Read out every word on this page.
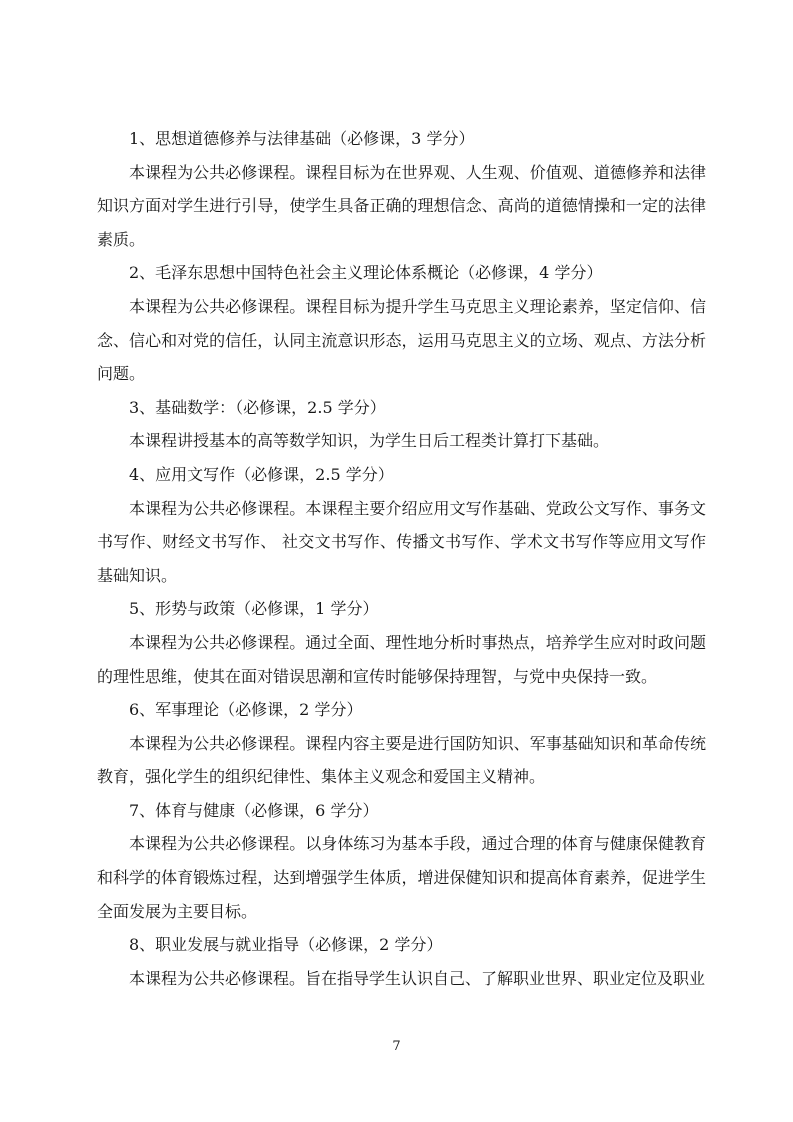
1、思想道德修养与法律基础（必修课，3 学分）

本课程为公共必修课程。课程目标为在世界观、人生观、价值观、道德修养和法律知识方面对学生进行引导，使学生具备正确的理想信念、高尚的道德情操和一定的法律素质。

2、毛泽东思想中国特色社会主义理论体系概论（必修课，4 学分）

本课程为公共必修课程。课程目标为提升学生马克思主义理论素养，坚定信仰、信念、信心和对党的信任，认同主流意识形态，运用马克思主义的立场、观点、方法分析问题。

3、基础数学：（必修课，2.5 学分）

本课程讲授基本的高等数学知识，为学生日后工程类计算打下基础。

4、应用文写作（必修课，2.5 学分）

本课程为公共必修课程。本课程主要介绍应用文写作基础、党政公文写作、事务文书写作、财经文书写作、 社交文书写作、传播文书写作、学术文书写作等应用文写作基础知识。

5、形势与政策（必修课，1 学分）

本课程为公共必修课程。通过全面、理性地分析时事热点，培养学生应对时政问题的理性思维，使其在面对错误思潮和宣传时能够保持理智，与党中央保持一致。

6、军事理论（必修课，2 学分）

本课程为公共必修课程。课程内容主要是进行国防知识、军事基础知识和革命传统教育，强化学生的组织纪律性、集体主义观念和爱国主义精神。

7、体育与健康（必修课，6 学分）

本课程为公共必修课程。以身体练习为基本手段，通过合理的体育与健康保健教育和科学的体育锻炼过程，达到增强学生体质，增进保健知识和提高体育素养，促进学生全面发展为主要目标。

8、职业发展与就业指导（必修课，2 学分）

本课程为公共必修课程。旨在指导学生认识自己、了解职业世界、职业定位及职业

7
